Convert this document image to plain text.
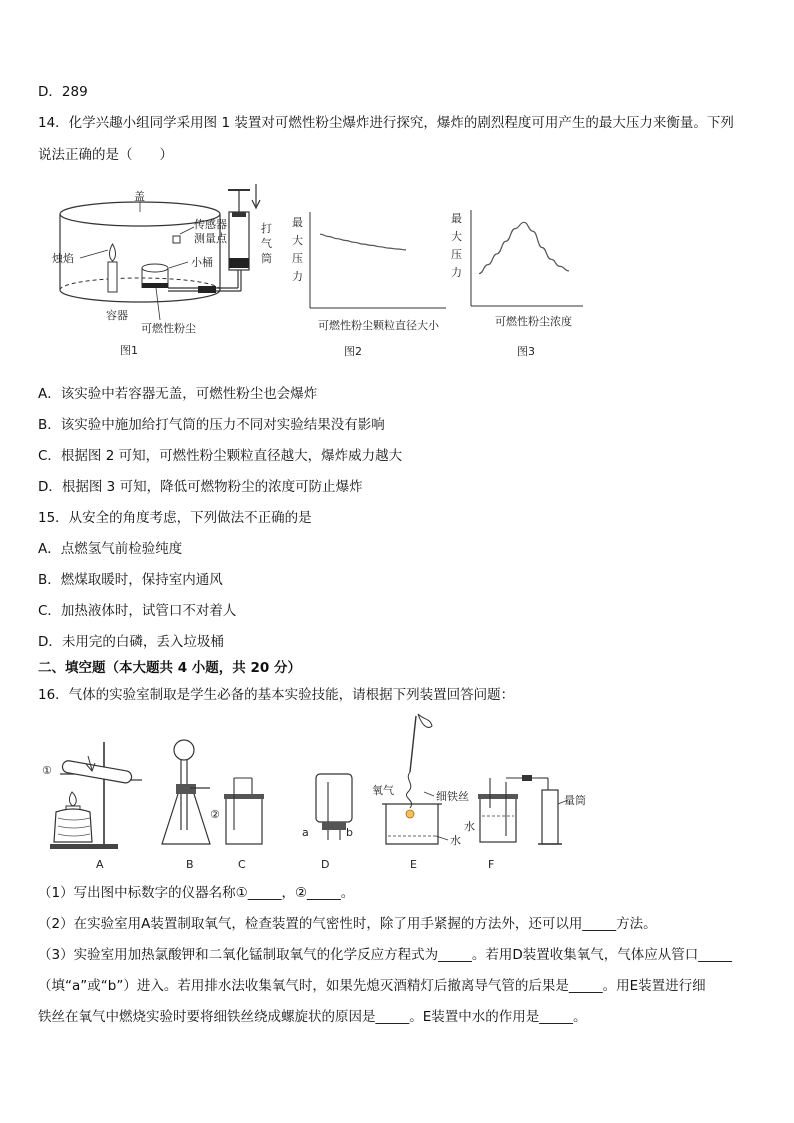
D．289
14．化学兴趣小组同学采用图 1 装置对可燃性粉尘爆炸进行探究，爆炸的剧烈程度可用产生的最大压力来衡量。下列
说法正确的是（　　）
盖
烛焰
传感器
测量点
小桶
打
气
筒
容器
可燃性粉尘
图1
最
大
压
力
可燃性粉尘颗粒直径大小
图2
最
大
压
力
可燃性粉尘浓度
图3
A．该实验中若容器无盖，可燃性粉尘也会爆炸
B．该实验中施加给打气筒的压力不同对实验结果没有影响
C．根据图 2 可知，可燃性粉尘颗粒直径越大，爆炸威力越大
D．根据图 3 可知，降低可燃物粉尘的浓度可防止爆炸
15．从安全的角度考虑，下列做法不正确的是
A．点燃氢气前检验纯度
B．燃煤取暖时，保持室内通风
C．加热液体时，试管口不对着人
D．未用完的白磷，丢入垃圾桶
二、填空题（本大题共 4 小题，共 20 分）
16．气体的实验室制取是学生必备的基本实验技能，请根据下列装置回答问题：
①
A	B
②
C
a	b
D
氧气	细铁丝
水
E
水
量筒
F
（1）写出图中标数字的仪器名称①_____，②_____。
（2）在实验室用A装置制取氧气，检查装置的气密性时，除了用手紧握的方法外，还可以用_____方法。
（3）实验室用加热氯酸钾和二氧化锰制取氧气的化学反应方程式为_____。若用D装置收集氧气，气体应从管口_____
（填“a”或“b”）进入。若用排水法收集氧气时，如果先熄灭酒精灯后撤离导气管的后果是_____。用E装置进行细
铁丝在氧气中燃烧实验时要将细铁丝绕成螺旋状的原因是_____。E装置中水的作用是_____。
